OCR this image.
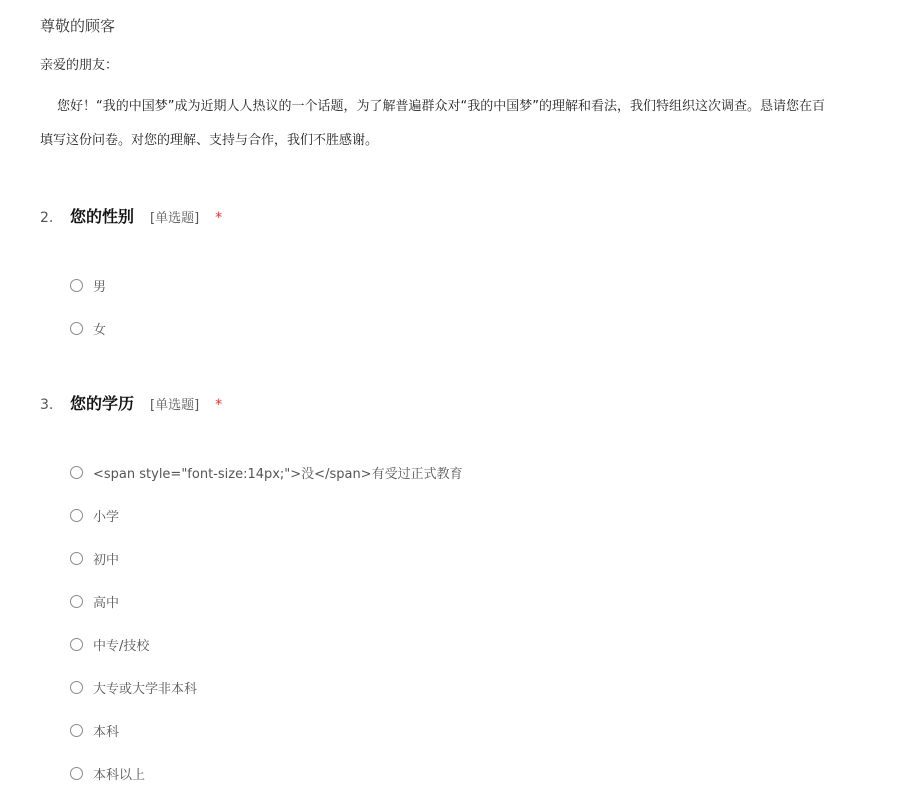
尊敬的顾客
亲爱的朋友：
您好！“我的中国梦”成为近期人人热议的一个话题，为了解普遍群众对“我的中国梦”的理解和看法，我们特组织这次调查。恳请您在百
填写这份问卷。对您的理解、支持与合作，我们不胜感谢。
2.	您的性别 [单选题] *
男
女
3.	您的学历 [单选题] *
<span style="font-size:14px;">没</span>有受过正式教育
小学
初中
高中
中专/技校
大专或大学非本科
本科
本科以上
